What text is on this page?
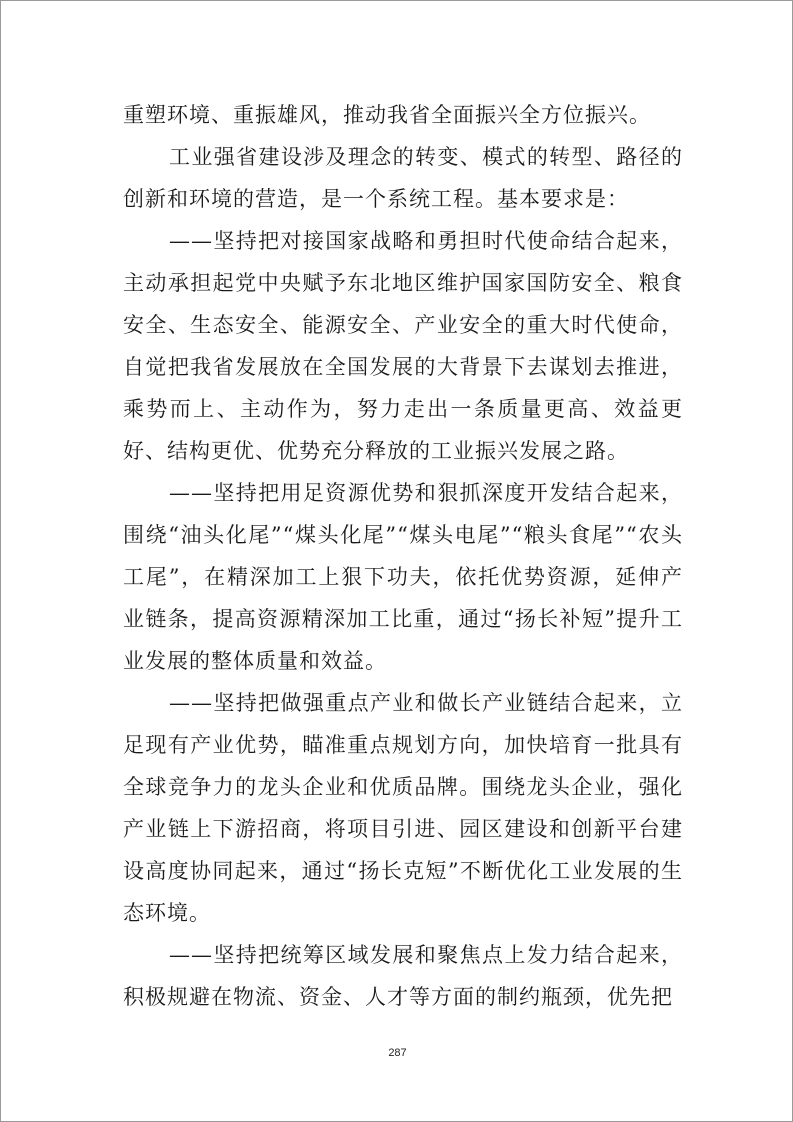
重塑环境、重振雄风，推动我省全面振兴全方位振兴。

工业强省建设涉及理念的转变、模式的转型、路径的创新和环境的营造，是一个系统工程。基本要求是：

——坚持把对接国家战略和勇担时代使命结合起来，主动承担起党中央赋予东北地区维护国家国防安全、粮食安全、生态安全、能源安全、产业安全的重大时代使命，自觉把我省发展放在全国发展的大背景下去谋划去推进，乘势而上、主动作为，努力走出一条质量更高、效益更好、结构更优、优势充分释放的工业振兴发展之路。

——坚持把用足资源优势和狠抓深度开发结合起来，围绕“油头化尾”“煤头化尾”“煤头电尾”“粮头食尾”“农头工尾”，在精深加工上狠下功夫，依托优势资源，延伸产业链条，提高资源精深加工比重，通过“扬长补短”提升工业发展的整体质量和效益。

——坚持把做强重点产业和做长产业链结合起来，立足现有产业优势，瞄准重点规划方向，加快培育一批具有全球竞争力的龙头企业和优质品牌。围绕龙头企业，强化产业链上下游招商，将项目引进、园区建设和创新平台建设高度协同起来，通过“扬长克短”不断优化工业发展的生态环境。

——坚持把统筹区域发展和聚焦点上发力结合起来，积极规避在物流、资金、人才等方面的制约瓶颈，优先把

287
